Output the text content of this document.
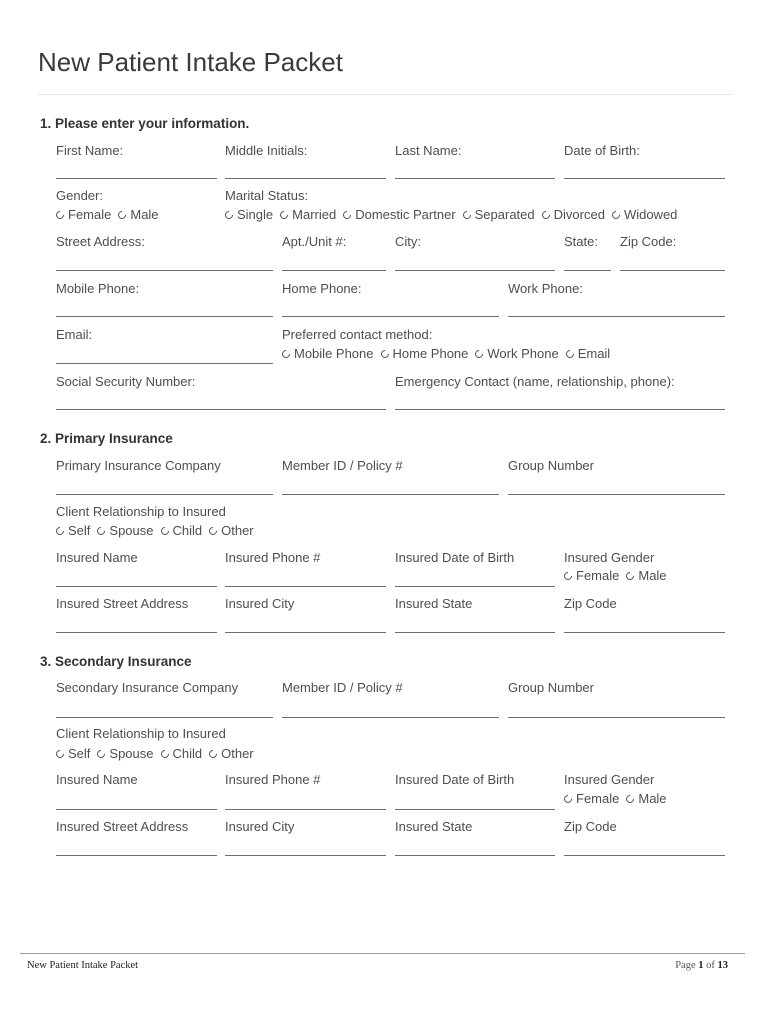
New Patient Intake Packet
1. Please enter your information.
First Name:	Middle Initials:	Last Name:	Date of Birth:
Gender:
Female Male
Marital Status:
Single Married Domestic Partner Separated Divorced Widowed
Street Address:	Apt./Unit #:	City:	State: Zip Code:
Mobile Phone:	Home Phone:	Work Phone:
Email:	Preferred contact method:
Mobile Phone Home Phone Work Phone Email
Social Security Number:	Emergency Contact (name, relationship, phone):
2. Primary Insurance
Primary Insurance Company	Member ID / Policy #	Group Number
Client Relationship to Insured
Self Spouse Child Other
Insured Name	Insured Phone #	Insured Date of Birth	Insured Gender
Female Male
Insured Street Address	Insured City	Insured State	Zip Code
3. Secondary Insurance
Secondary Insurance Company	Member ID / Policy #	Group Number
Client Relationship to Insured
Self Spouse Child Other
Insured Name	Insured Phone #	Insured Date of Birth	Insured Gender
Female Male
Insured Street Address	Insured City	Insured State	Zip Code
New Patient Intake Packet	Page 1 of 13
